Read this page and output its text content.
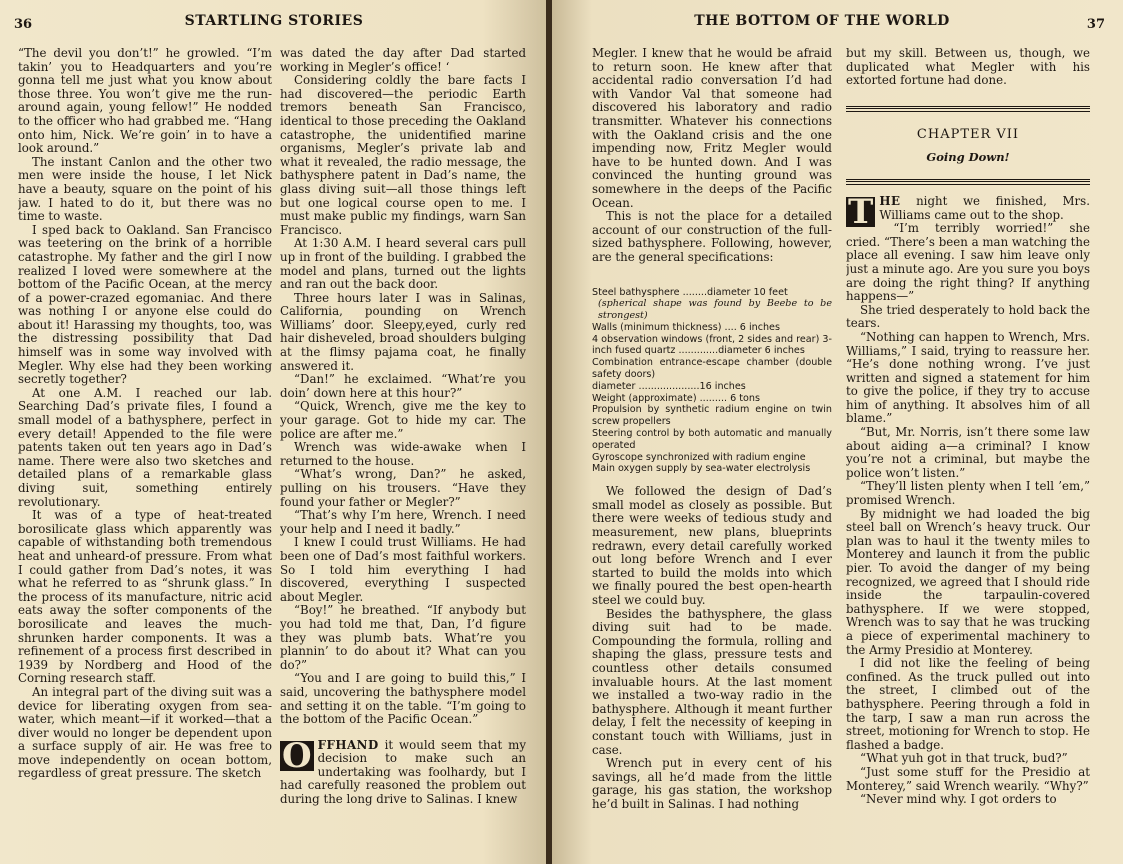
36	STARTLING STORIES

“The devil you don’t!” he growled. “I’m takin’ you to Headquarters and you’re gonna tell me just what you know about those three. You won’t give me the run-around again, young fellow!” He nodded to the officer who had grabbed me. “Hang onto him, Nick. We’re goin’ in to have a look around.”

The instant Canlon and the other two men were inside the house, I let Nick have a beauty, square on the point of his jaw. I hated to do it, but there was no time to waste.

I sped back to Oakland. San Francisco was teetering on the brink of a horrible catastrophe. My father and the girl I now realized I loved were somewhere at the bottom of the Pacific Ocean, at the mercy of a power-crazed egomaniac. And there was nothing I or anyone else could do about it! Harassing my thoughts, too, was the distressing possibility that Dad himself was in some way involved with Megler. Why else had they been working secretly together?

At one A.M. I reached our lab. Searching Dad’s private files, I found a small model of a bathysphere, perfect in every detail! Appended to the file were patents taken out ten years ago in Dad’s name. There were also two sketches and detailed plans of a remarkable glass diving suit, something entirely revolutionary.

It was of a type of heat-treated borosilicate glass which apparently was capable of withstanding both tremendous heat and unheard-of pressure. From what I could gather from Dad’s notes, it was what he referred to as “shrunk glass.” In the process of its manufacture, nitric acid eats away the softer components of the borosilicate and leaves the much-shrunken harder components. It was a refinement of a process first described in 1939 by Nordberg and Hood of the Corning research staff.

An integral part of the diving suit was a device for liberating oxygen from sea-water, which meant—if it worked—that a diver would no longer be dependent upon a surface supply of air. He was free to move independently on ocean bottom, regardless of great pressure. The sketch

was dated the day after Dad started working in Megler’s office! ‘

Considering coldly the bare facts I had discovered—the periodic Earth tremors beneath San Francisco, identical to those preceding the Oakland catastrophe, the unidentified marine organisms, Megler’s private lab and what it revealed, the radio message, the bathysphere patent in Dad’s name, the glass diving suit—all those things left but one logical course open to me. I must make public my findings, warn San Francisco.

At 1:30 A.M. I heard several cars pull up in front of the building. I grabbed the model and plans, turned out the lights and ran out the back door.

Three hours later I was in Salinas, California, pounding on Wrench Williams’ door. Sleepy,eyed, curly red hair disheveled, broad shoulders bulging at the flimsy pajama coat, he finally answered it.

“Dan!” he exclaimed. “What’re you doin’ down here at this hour?”

“Quick, Wrench, give me the key to your garage. Got to hide my car. The police are after me.”

Wrench was wide-awake when I returned to the house.

“What’s wrong, Dan?” he asked, pulling on his trousers. “Have they found your father or Megler?”

“That’s why I’m here, Wrench. I need your help and I need it badly.”

I knew I could trust Williams. He had been one of Dad’s most faithful workers. So I told him everything I had discovered, everything I suspected about Megler.

“Boy!” he breathed. “If anybody but you had told me that, Dan, I’d figure they was plumb bats. What’re you plannin’ to do about it? What can you do?”

“You and I are going to build this,” I said, uncovering the bathysphere model and setting it on the table. “I’m going to the bottom of the Pacific Ocean.”

O FFHAND it would seem that my decision to make such an undertaking was foolhardy, but I had carefully reasoned the problem out during the long drive to Salinas. I knew

THE BOTTOM OF THE WORLD	37

Megler. I knew that he would be afraid to return soon. He knew after that accidental radio conversation I’d had with Vandor Val that someone had discovered his laboratory and radio transmitter. Whatever his connections with the Oakland crisis and the one impending now, Fritz Megler would have to be hunted down. And I was convinced the hunting ground was somewhere in the deeps of the Pacific Ocean.

This is not the place for a detailed account of our construction of the full-sized bathysphere. Following, however, are the general specifications:

Steel bathysphere ........diameter 10 feet
(spherical shape was found by Beebe to be strongest)
Walls (minimum thickness) .... 6 inches
4 observation windows (front, 2 sides and rear) 3-inch fused quartz .............diameter 6 inches
Combination entrance-escape chamber (double safety doors)
diameter ....................16 inches
Weight (approximate) ......... 6 tons
Propulsion by synthetic radium engine on twin screw propellers
Steering control by both automatic and manually operated
Gyroscope synchronized with radium engine
Main oxygen supply by sea-water electrolysis

We followed the design of Dad’s small model as closely as possible. But there were weeks of tedious study and measurement, new plans, blueprints redrawn, every detail carefully worked out long before Wrench and I ever started to build the molds into which we finally poured the best open-hearth steel we could buy.

Besides the bathysphere, the glass diving suit had to be made. Compounding the formula, rolling and shaping the glass, pressure tests and countless other details consumed invaluable hours. At the last moment we installed a two-way radio in the bathysphere. Although it meant further delay, I felt the necessity of keeping in constant touch with Williams, just in case.

Wrench put in every cent of his savings, all he’d made from the little garage, his gas station, the workshop he’d built in Salinas. I had nothing

but my skill. Between us, though, we duplicated what Megler with his extorted fortune had done.

CHAPTER VII
Going Down!

T HE night we finished, Mrs. Williams came out to the shop.

“I’m terribly worried!” she cried. “There’s been a man watching the place all evening. I saw him leave only just a minute ago. Are you sure you boys are doing the right thing? If anything happens—”

She tried desperately to hold back the tears.

“Nothing can happen to Wrench, Mrs. Williams,” I said, trying to reassure her. “He’s done nothing wrong. I’ve just written and signed a statement for him to give the police, if they try to accuse him of anything. It absolves him of all blame.”

“But, Mr. Norris, isn’t there some law about aiding a—a criminal? I know you’re not a criminal, but maybe the police won’t listen.”

“They’ll listen plenty when I tell ’em,” promised Wrench.

By midnight we had loaded the big steel ball on Wrench’s heavy truck. Our plan was to haul it the twenty miles to Monterey and launch it from the public pier. To avoid the danger of my being recognized, we agreed that I should ride inside the tarpaulin-covered bathysphere. If we were stopped, Wrench was to say that he was trucking a piece of experimental machinery to the Army Presidio at Monterey.

I did not like the feeling of being confined. As the truck pulled out into the street, I climbed out of the bathysphere. Peering through a fold in the tarp, I saw a man run across the street, motioning for Wrench to stop. He flashed a badge.

“What yuh got in that truck, bud?”

“Just some stuff for the Presidio at Monterey,” said Wrench wearily. “Why?”

“Never mind why. I got orders to
